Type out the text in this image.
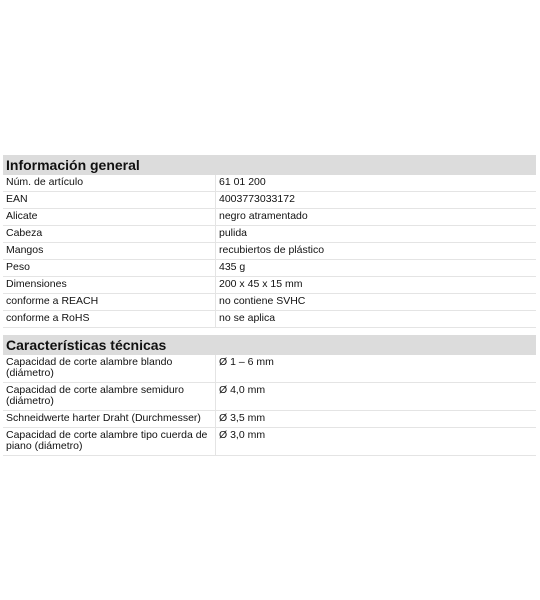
Información general
Núm. de artículo	61 01 200
EAN	4003773033172
Alicate	negro atramentado
Cabeza	pulida
Mangos	recubiertos de plástico
Peso	435 g
Dimensiones	200 x 45 x 15 mm
conforme a REACH	no contiene SVHC
conforme a RoHS	no se aplica
Características técnicas
Capacidad de corte alambre blando (diámetro)	Ø 1 – 6 mm
Capacidad de corte alambre semiduro (diámetro)	Ø 4,0 mm
Schneidwerte harter Draht (Durchmesser)	Ø 3,5 mm
Capacidad de corte alambre tipo cuerda de piano (diámetro)	Ø 3,0 mm
